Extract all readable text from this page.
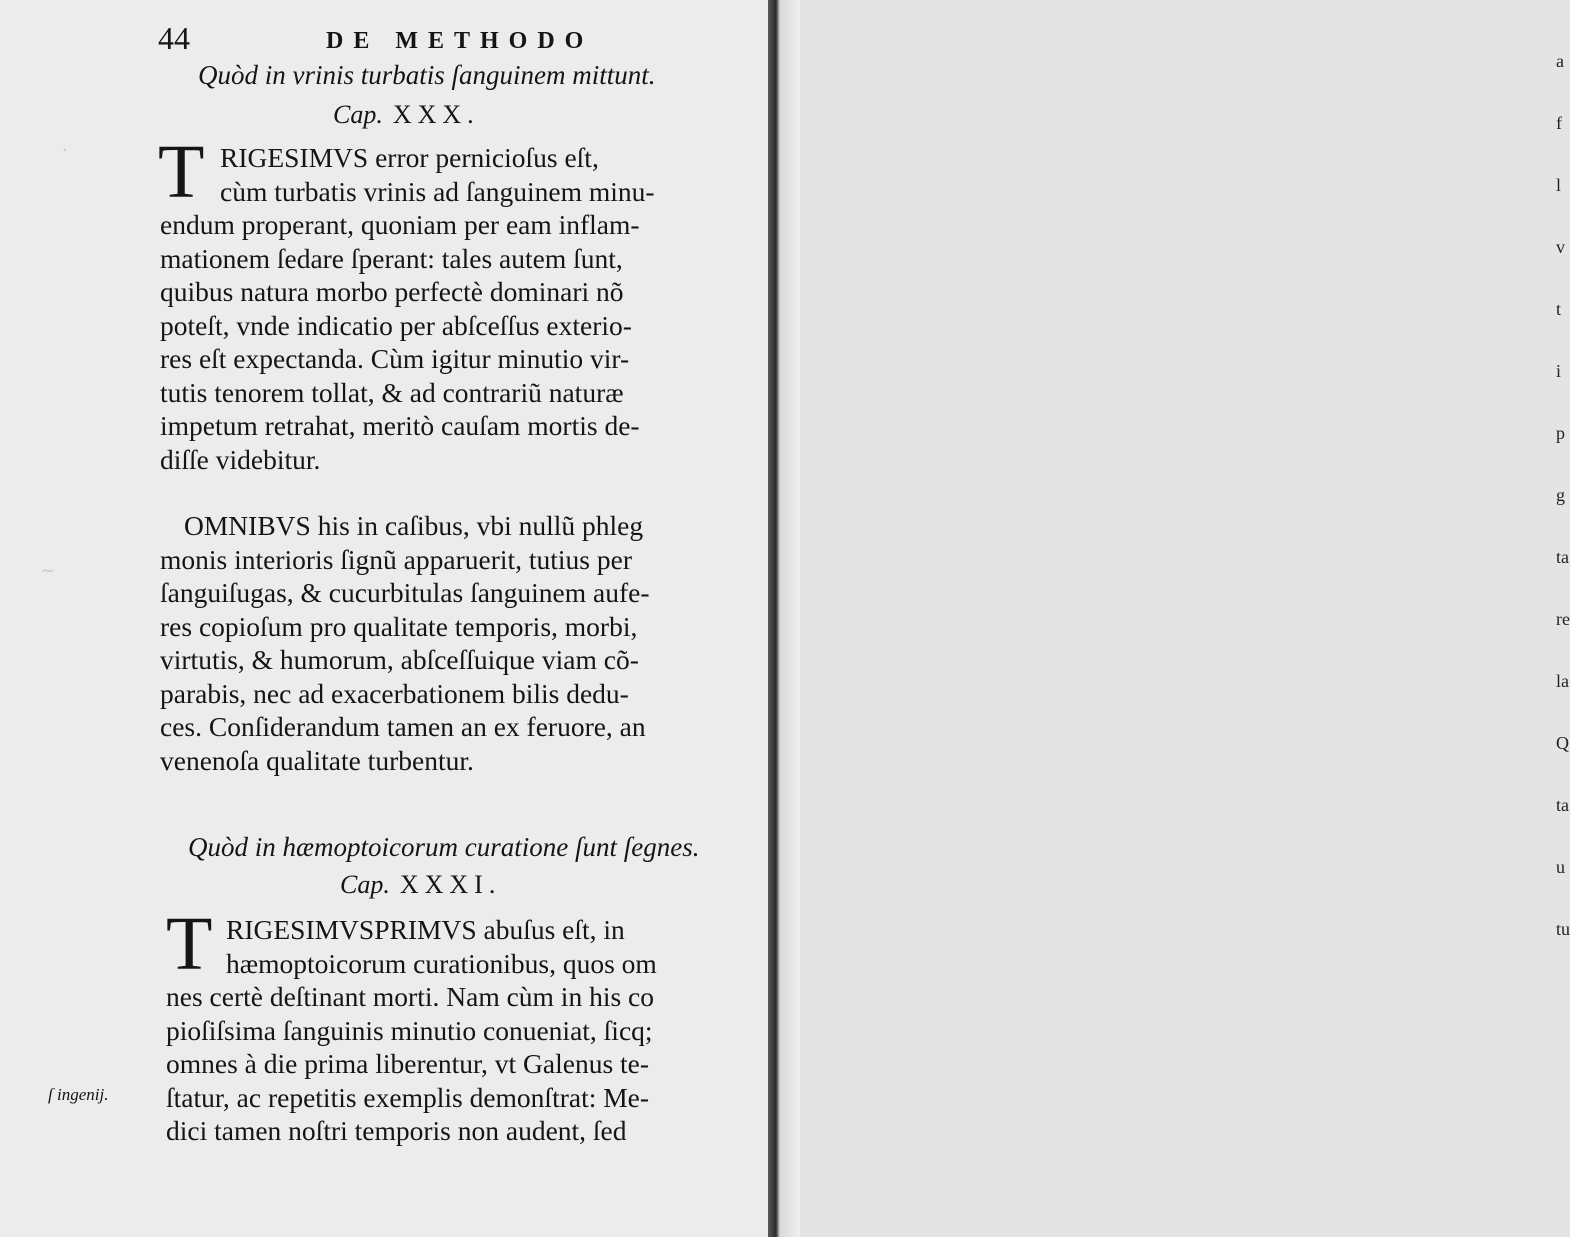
44	DE METHODO
Quòd in vrinis turbatis ſanguinem mittunt.
Cap. XXX.
T RIGESIMVS error pernicioſus eſt,
cùm turbatis vrinis ad ſanguinem minu-
endum properant, quoniam per eam inflam-
mationem ſedare ſperant: tales autem ſunt,
quibus natura morbo perfectè dominari nõ
poteſt, vnde indicatio per abſceſſus exterio-
res eſt expectanda. Cùm igitur minutio vir-
tutis tenorem tollat, & ad contrariũ naturæ
impetum retrahat, meritò cauſam mortis de-
diſſe videbitur.
OMNIBVS his in caſibus, vbi nullũ phleg
monis interioris ſignũ apparuerit, tutius per
ſanguiſugas, & cucurbitulas ſanguinem aufe-
res copioſum pro qualitate temporis, morbi,
virtutis, & humorum, abſceſſuique viam cõ-
parabis, nec ad exacerbationem bilis dedu-
ces. Conſiderandum tamen an ex feruore, an
venenoſa qualitate turbentur.
Quòd in hæmoptoicorum curatione ſunt ſegnes.
Cap. XXXI.
T RIGESIMVSPRIMVS abuſus eſt, in
hæmoptoicorum curationibus, quos om
nes certè deſtinant morti. Nam cùm in his co
pioſiſsima ſanguinis minutio conueniat, ſicq;
omnes à die prima liberentur, vt Galenus te-
ſtatur, ac repetitis exemplis demonſtrat: Me-
dici tamen noſtri temporis non audent, ſed
ſ ingenij.
·
~
a
f
l
v
t
i
p
g
ta
re
la
Q
ta
u
tu
